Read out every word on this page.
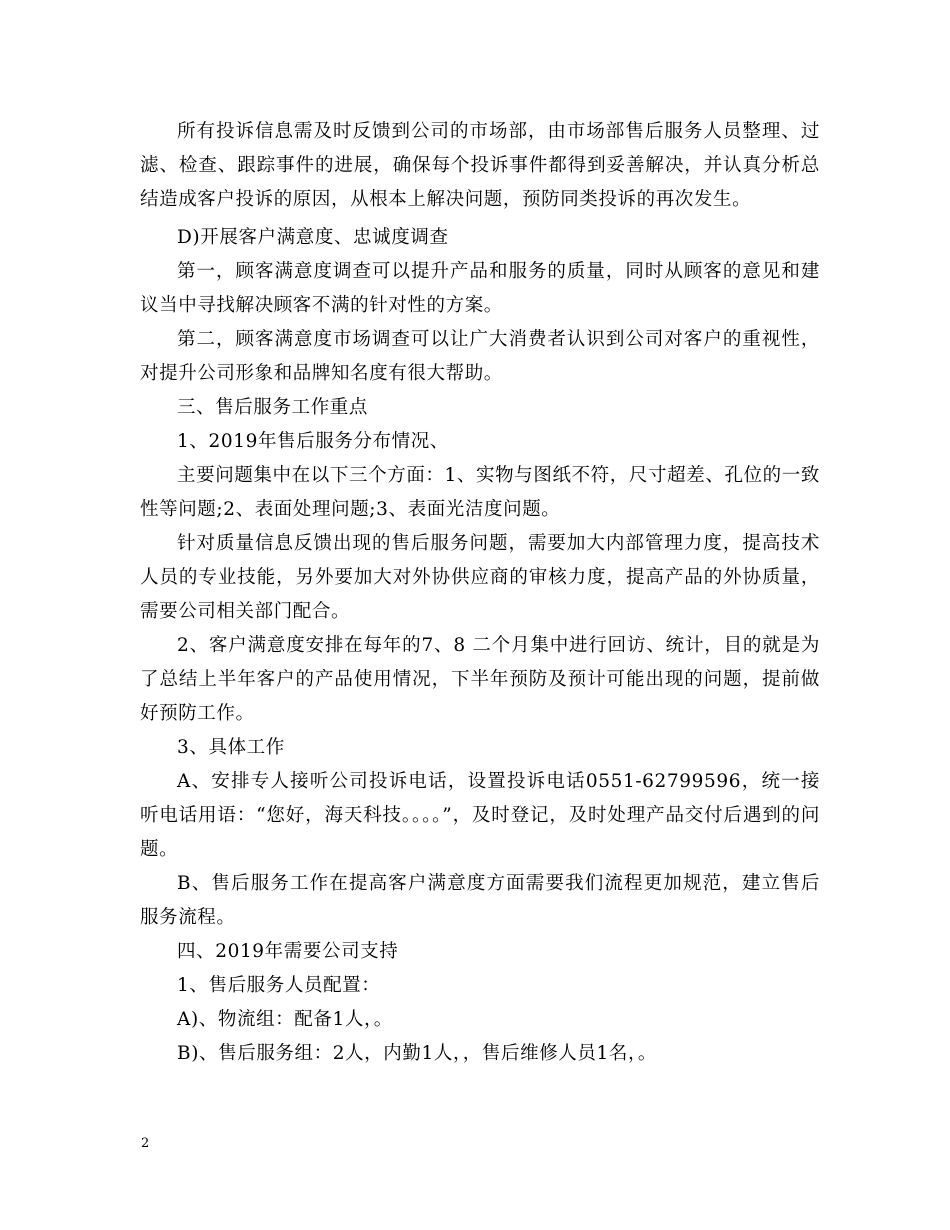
所有投诉信息需及时反馈到公司的市场部，由市场部售后服务人员整理、过滤、检查、跟踪事件的进展，确保每个投诉事件都得到妥善解决，并认真分析总结造成客户投诉的原因，从根本上解决问题，预防同类投诉的再次发生。

D)开展客户满意度、忠诚度调查

第一，顾客满意度调查可以提升产品和服务的质量，同时从顾客的意见和建议当中寻找解决顾客不满的针对性的方案。

第二，顾客满意度市场调查可以让广大消费者认识到公司对客户的重视性，对提升公司形象和品牌知名度有很大帮助。

三、售后服务工作重点

1、2019年售后服务分布情况、

主要问题集中在以下三个方面：1、实物与图纸不符，尺寸超差、孔位的一致性等问题;2、表面处理问题;3、表面光洁度问题。

针对质量信息反馈出现的售后服务问题，需要加大内部管理力度，提高技术人员的专业技能，另外要加大对外协供应商的审核力度，提高产品的外协质量，需要公司相关部门配合。

2、客户满意度安排在每年的7、8 二个月集中进行回访、统计，目的就是为了总结上半年客户的产品使用情况，下半年预防及预计可能出现的问题，提前做好预防工作。

3、具体工作

A、安排专人接听公司投诉电话，设置投诉电话0551-62799596，统一接听电话用语：“您好，海天科技。。。。”，及时登记，及时处理产品交付后遇到的问题。

B、售后服务工作在提高客户满意度方面需要我们流程更加规范，建立售后服务流程。

四、2019年需要公司支持

1、售后服务人员配置：

A)、物流组：配备1人，。

B)、售后服务组：2人，内勤1人，，售后维修人员1名，。

2
